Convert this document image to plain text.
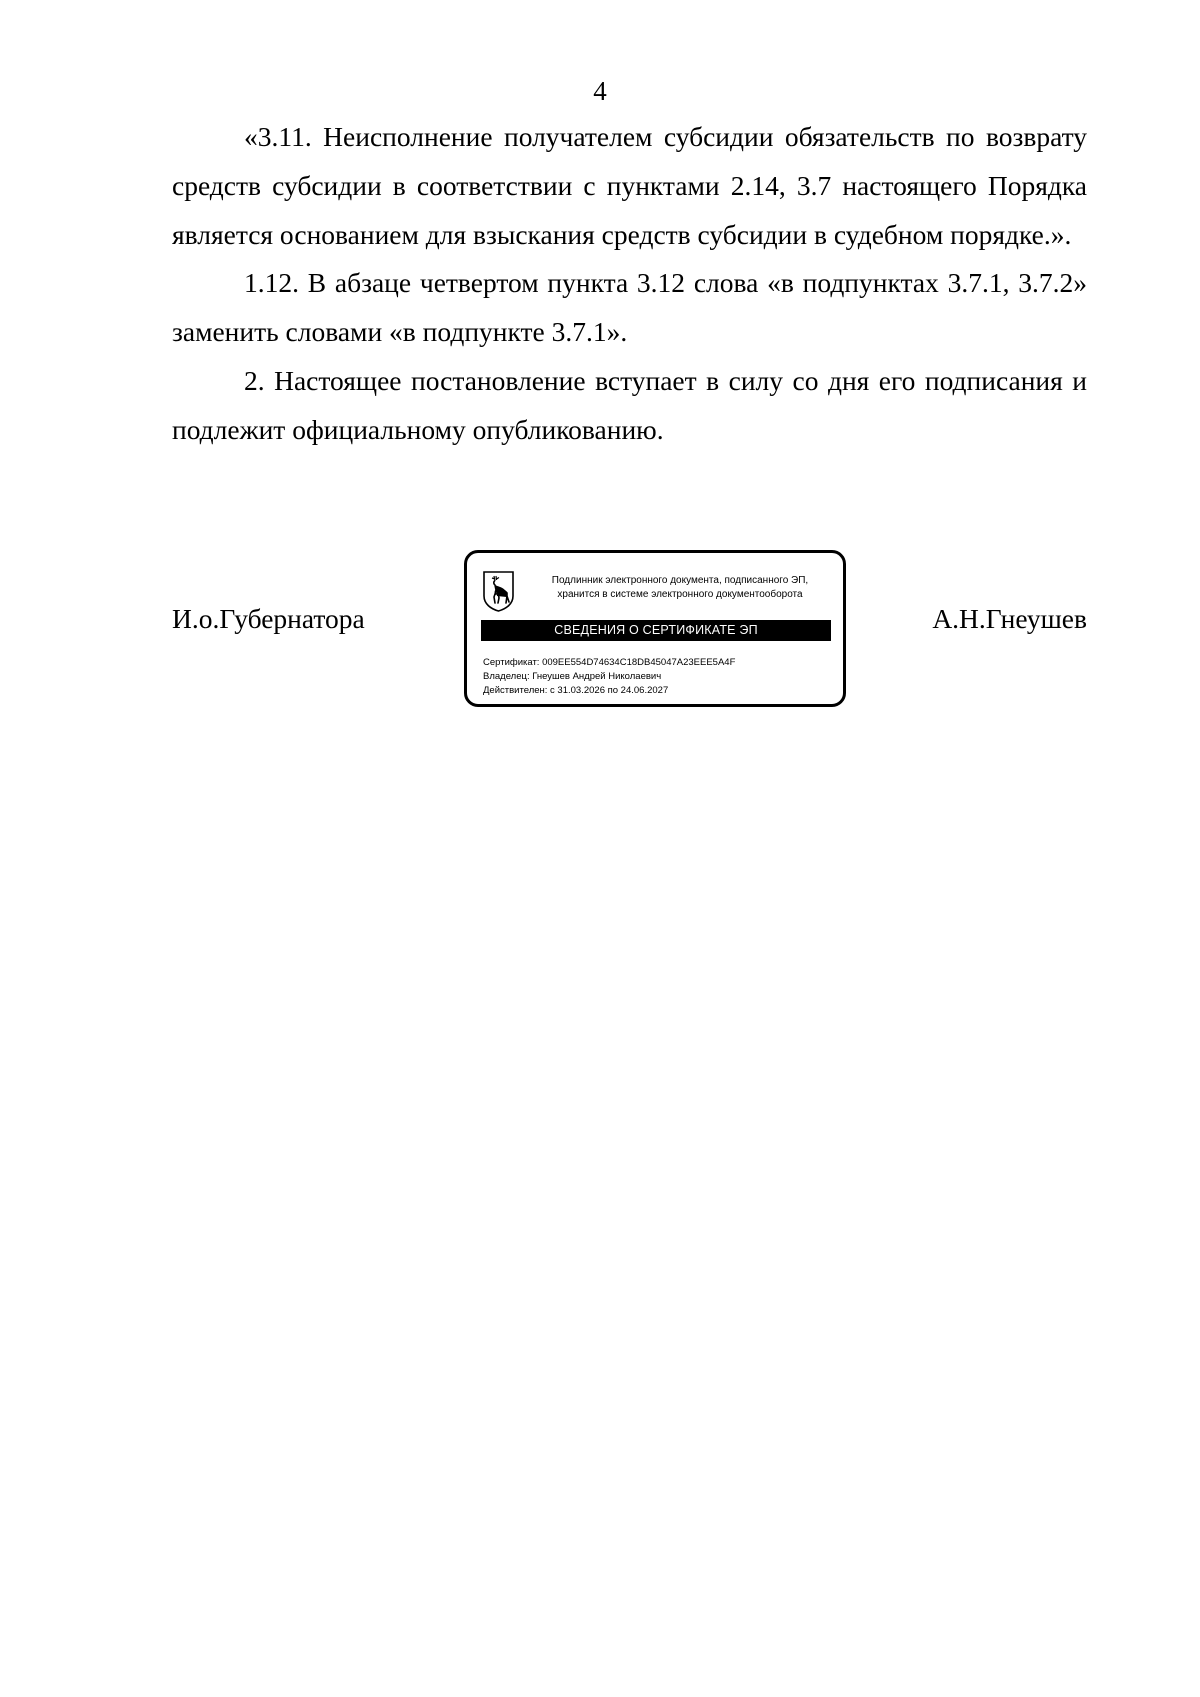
4

«3.11. Неисполнение получателем субсидии обязательств по возврату средств субсидии в соответствии с пунктами 2.14, 3.7 настоящего Порядка является основанием для взыскания средств субсидии в судебном порядке.».

1.12. В абзаце четвертом пункта 3.12 слова «в подпунктах 3.7.1, 3.7.2» заменить словами «в подпункте 3.7.1».

2. Настоящее постановление вступает в силу со дня его подписания и подлежит официальному опубликованию.

И.о.Губернатора
Подлинник электронного документа, подписанного ЭП,
хранится в системе электронного документооборота
СВЕДЕНИЯ О СЕРТИФИКАТЕ ЭП
Сертификат: 009EE554D74634C18DB45047A23EEE5A4F
Владелец: Гнеушев Андрей Николаевич
Действителен: с 31.03.2026 по 24.06.2027
А.Н.Гнеушев
